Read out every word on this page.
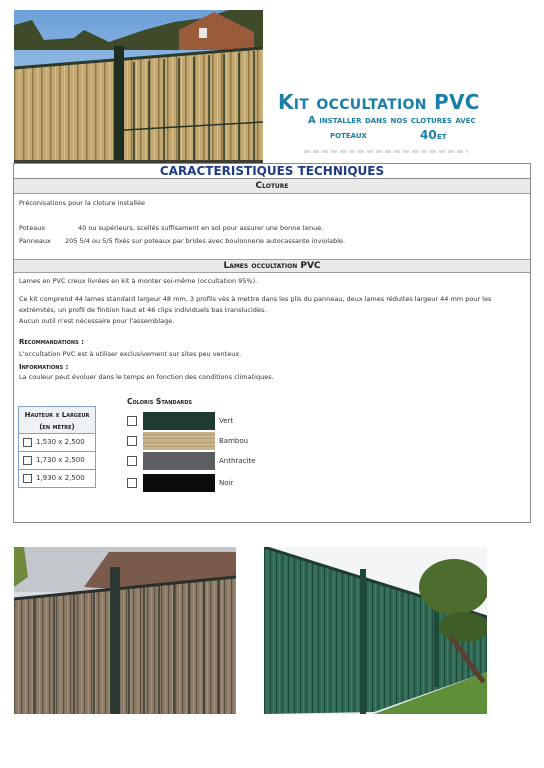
Kit occultation PVC
A installer dans nos clotures avec
poteaux	40 et
CARACTERISTIQUES TECHNIQUES
Cloture
Préconisations pour la cloture installée
Poteaux	40 ou supérieurs, scellés suffisament en sol pour assurer une bonne tenue.
Panneaux 205 5/4 ou 5/5 fixés sur poteaux par brides avec boulonnerie autocassante inviolable.
Lames occultation PVC
Lames en PVC creux livrées en kit à monter soi-même (occultation 95%).
Ce kit comprend 44 lames standard largeur 48 mm, 3 profils vès à mettre dans les plis du panneau, deux lames réduites largeur 44 mm pour les
extrémités, un profil de finition haut et 46 clips individuels bas translucides.
Aucun outil n'est nécessaire pour l'assemblage.
Recommandations :
L'occultation PVC est à utiliser exclusivement sur sites peu venteux.
Informations :
La couleur peut évoluer dans le temps en fonction des conditions climatiques.
Hauteur x Largeur
(en mètre)
1,530 x 2,500
1,730 x 2,500
1,930 x 2,500
Coloris Standards
Vert
Bambou
Anthracite
Noir
